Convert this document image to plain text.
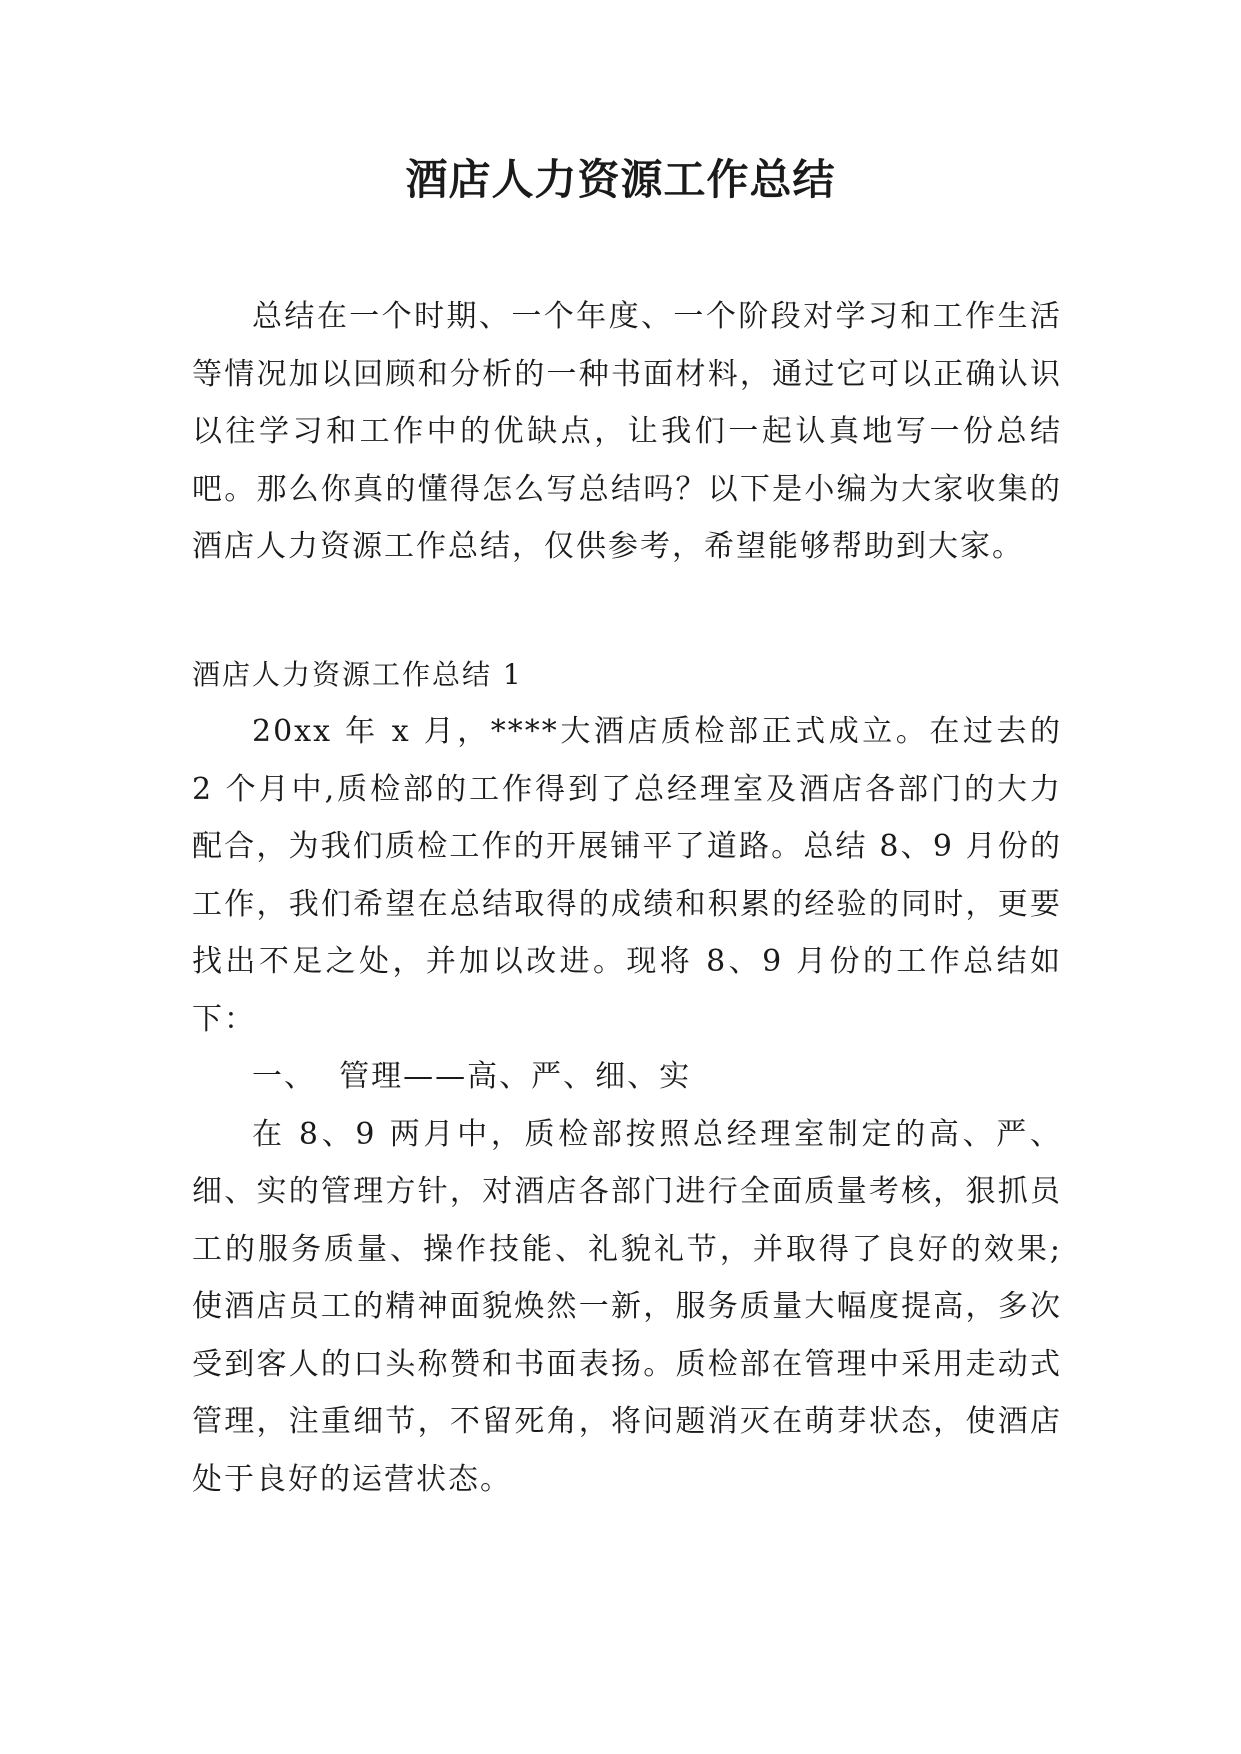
酒店人力资源工作总结

总结在一个时期、一个年度、一个阶段对学习和工作生活等情况加以回顾和分析的一种书面材料，通过它可以正确认识以往学习和工作中的优缺点，让我们一起认真地写一份总结吧。那么你真的懂得怎么写总结吗？以下是小编为大家收集的酒店人力资源工作总结，仅供参考，希望能够帮助到大家。

酒店人力资源工作总结 1

20xx 年 x 月，****大酒店质检部正式成立。在过去的 2 个月中,质检部的工作得到了总经理室及酒店各部门的大力配合，为我们质检工作的开展铺平了道路。总结 8、9 月份的工作，我们希望在总结取得的成绩和积累的经验的同时，更要找出不足之处，并加以改进。现将 8、9 月份的工作总结如下：

一、  管理——高、严、细、实

在 8、9 两月中，质检部按照总经理室制定的高、严、细、实的管理方针，对酒店各部门进行全面质量考核，狠抓员工的服务质量、操作技能、礼貌礼节，并取得了良好的效果;使酒店员工的精神面貌焕然一新，服务质量大幅度提高，多次受到客人的口头称赞和书面表扬。质检部在管理中采用走动式管理，注重细节，不留死角，将问题消灭在萌芽状态，使酒店处于良好的运营状态。
